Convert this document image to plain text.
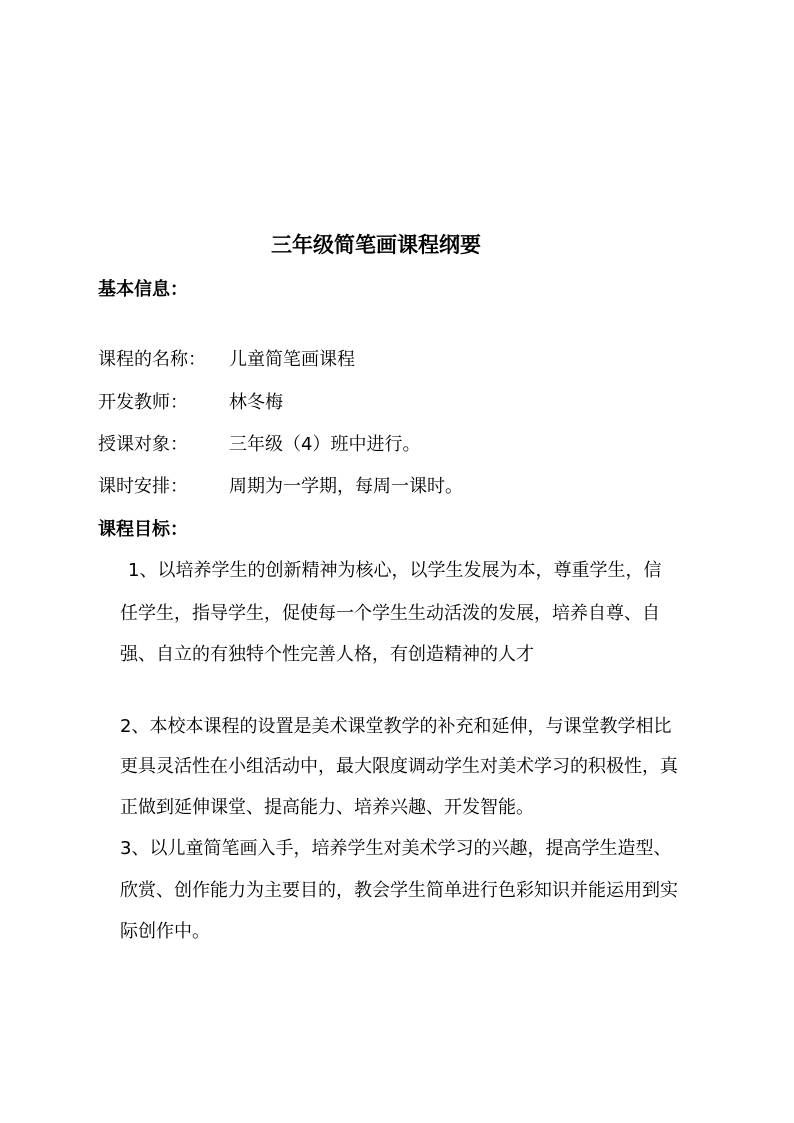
三年级简笔画课程纲要
基本信息：
课程的名称： 儿童简笔画课程
开发教师： 林冬梅
授课对象： 三年级（4）班中进行。
课时安排： 周期为一学期，每周一课时。
课程目标：
1、以培养学生的创新精神为核心，以学生发展为本，尊重学生，信
任学生，指导学生，促使每一个学生生动活泼的发展，培养自尊、自
强、自立的有独特个性完善人格，有创造精神的人才
2、本校本课程的设置是美术课堂教学的补充和延伸，与课堂教学相比
更具灵活性在小组活动中，最大限度调动学生对美术学习的积极性，真
正做到延伸课堂、提高能力、培养兴趣、开发智能。
3、以儿童简笔画入手，培养学生对美术学习的兴趣，提高学生造型、
欣赏、创作能力为主要目的，教会学生简单进行色彩知识并能运用到实
际创作中。
